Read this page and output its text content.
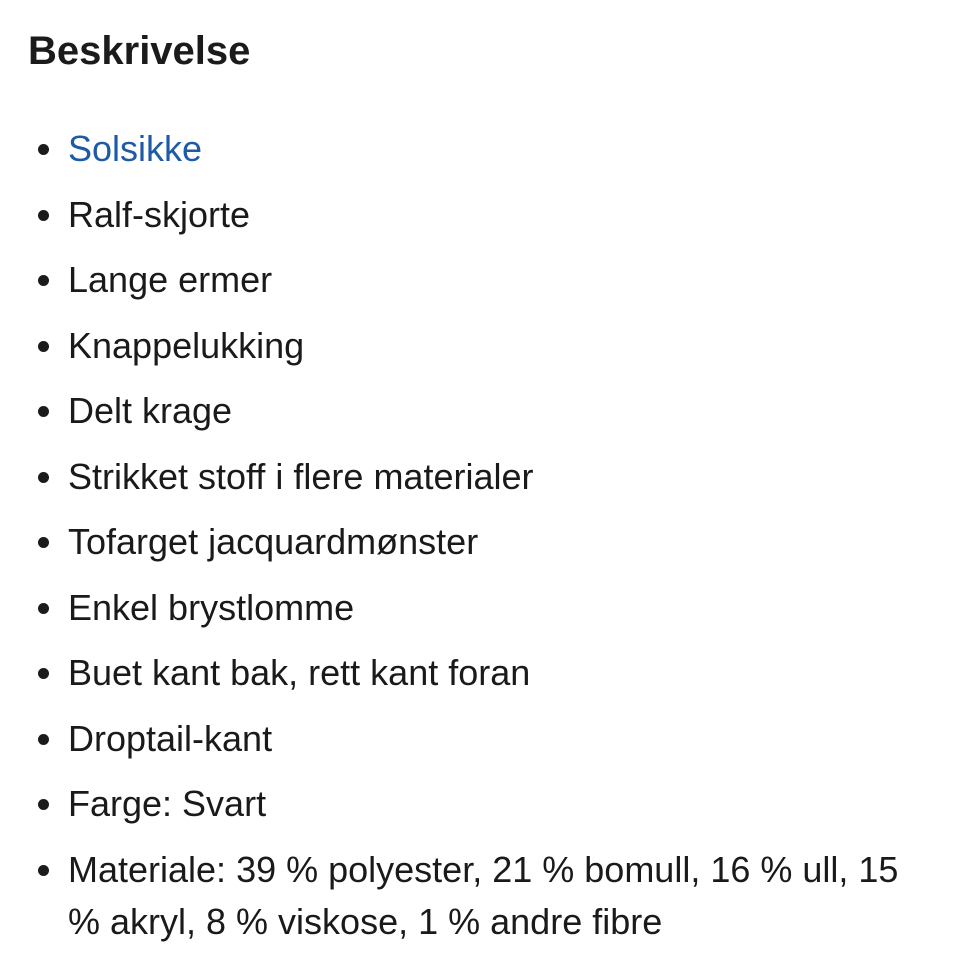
Beskrivelse
Solsikke
Ralf-skjorte
Lange ermer
Knappelukking
Delt krage
Strikket stoff i flere materialer
Tofarget jacquardmønster
Enkel brystlomme
Buet kant bak, rett kant foran
Droptail-kant
Farge: Svart
Materiale: 39 % polyester, 21 % bomull, 16 % ull, 15 % akryl, 8 % viskose, 1 % andre fibre
